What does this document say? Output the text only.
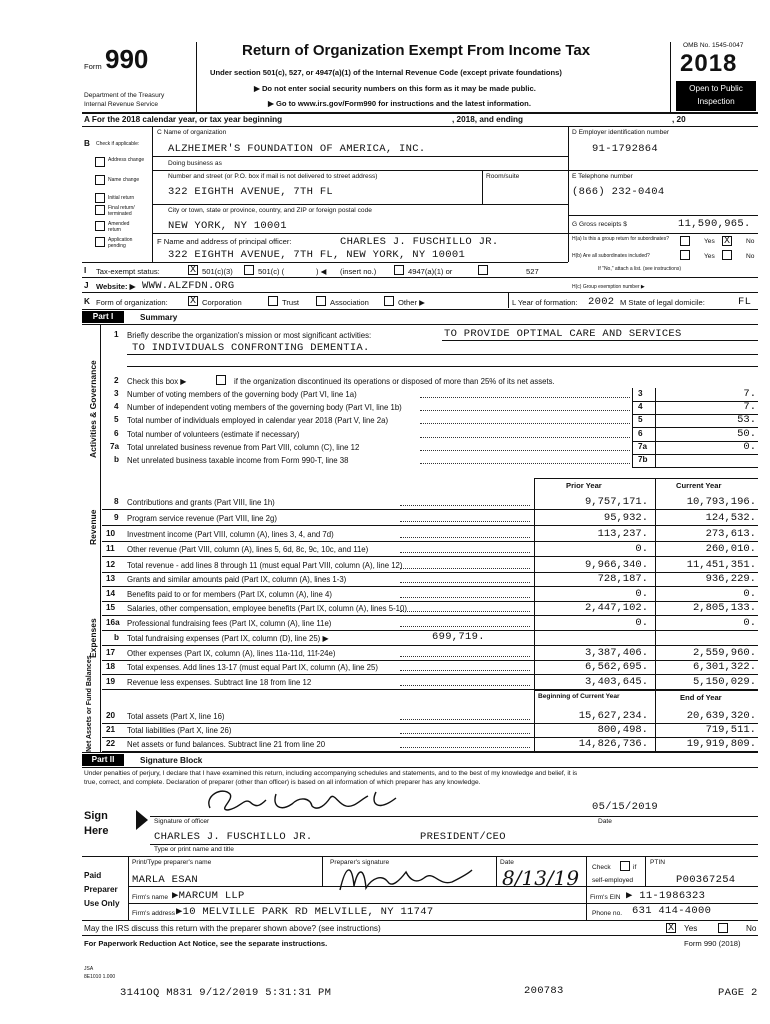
Form 990
Department of the Treasury
Internal Revenue Service
Return of Organization Exempt From Income Tax
Under section 501(c), 527, or 4947(a)(1) of the Internal Revenue Code (except private foundations)
▶ Do not enter social security numbers on this form as it may be made public.
▶ Go to www.irs.gov/Form990 for instructions and the latest information.
OMB No. 1545-0047
2018
Open to Public
Inspection
A For the 2018 calendar year, or tax year beginning	, 2018, and ending	, 20
B Check if applicable:
Address change
Name change
Initial return
Final return/ terminated
Amended return
Application pending
C Name of organization
ALZHEIMER'S FOUNDATION OF AMERICA, INC.
Doing business as
Number and street (or P.O. box if mail is not delivered to street address)	Room/suite
322 EIGHTH AVENUE, 7TH FL
City or town, state or province, country, and ZIP or foreign postal code
NEW YORK, NY 10001
F Name and address of principal officer:	CHARLES J. FUSCHILLO JR.
322 EIGHTH AVENUE, 7TH FL, NEW YORK, NY 10001
D Employer identification number
91-1792864
E Telephone number
(866) 232-0404
G Gross receipts $	11,590,965.
H(a) Is this a group return for subordinates?	Yes X No
H(b) Are all subordinates included?	Yes	No
If "No," attach a list. (see instructions)
I Tax-exempt status:	X 501(c)(3)	501(c) (	) ◀ (insert no.)	4947(a)(1) or	527
J Website: ▶ WWW.ALZFDN.ORG	H(c) Group exemption number ▶
K Form of organization: X Corporation	Trust	Association	Other ▶	L Year of formation: 2002 M State of legal domicile:	FL
Part I	Summary
Activities & Governance
Revenue
Expenses
Net Assets or Fund Balances
1 Briefly describe the organization's mission or most significant activities:	TO PROVIDE OPTIMAL CARE AND SERVICES
TO INDIVIDUALS CONFRONTING DEMENTIA.
2 Check this box ▶	if the organization discontinued its operations or disposed of more than 25% of its net assets.
3 Number of voting members of the governing body (Part VI, line 1a)	3	7.
4 Number of independent voting members of the governing body (Part VI, line 1b)	4	7.
5 Total number of individuals employed in calendar year 2018 (Part V, line 2a)	5	53.
6 Total number of volunteers (estimate if necessary)	6	50.
7a Total unrelated business revenue from Part VIII, column (C), line 12	7a	0.
b Net unrelated business taxable income from Form 990-T, line 38	7b
8 Contributions and grants (Part VIII, line 1h)	9,757,171.	10,793,196.
9 Program service revenue (Part VIII, line 2g)	95,932.	124,532.
10 Investment income (Part VIII, column (A), lines 3, 4, and 7d)	113,237.	273,613.
11 Other revenue (Part VIII, column (A), lines 5, 6d, 8c, 9c, 10c, and 11e)	0.	260,010.
12 Total revenue - add lines 8 through 11 (must equal Part VIII, column (A), line 12)	9,966,340.	11,451,351.
13 Grants and similar amounts paid (Part IX, column (A), lines 1-3)	728,187.	936,229.
14 Benefits paid to or for members (Part IX, column (A), line 4)	0.	0.
15 Salaries, other compensation, employee benefits (Part IX, column (A), lines 5-10)	2,447,102.	2,805,133.
16a Professional fundraising fees (Part IX, column (A), line 11e)	0.	0.
b Total fundraising expenses (Part IX, column (D), line 25) ▶	699,719.
17 Other expenses (Part IX, column (A), lines 11a-11d, 11f-24e)	3,387,406.	2,559,960.
18 Total expenses. Add lines 13-17 (must equal Part IX, column (A), line 25)	6,562,695.	6,301,322.
19 Revenue less expenses. Subtract line 18 from line 12	3,403,645.	5,150,029.
20 Total assets (Part X, line 16)	15,627,234.	20,639,320.
21 Total liabilities (Part X, line 26)	800,498.	719,511.
22 Net assets or fund balances. Subtract line 21 from line 20	14,826,736.	19,919,809.
Prior Year	Current Year
Beginning of Current Year	End of Year
Part II	Signature Block
Under penalties of perjury, I declare that I have examined this return, including accompanying schedules and statements, and to the best of my knowledge and belief, it is
true, correct, and complete. Declaration of preparer (other than officer) is based on all information of which preparer has any knowledge.
Sign
Here
Signature of officer
05/15/2019
Date
CHARLES J. FUSCHILLO JR.	PRESIDENT/CEO
Type or print name and title
Paid
Preparer
Use Only
Print/Type preparer's name
MARLA ESAN
Preparer's signature	Date
8/13/19 Check	if
self-employed
PTIN
P00367254
Firm's name ▶MARCUM LLP	Firm's EIN ▶ 11-1986323
Firm's address ▶10 MELVILLE PARK RD MELVILLE, NY 11747	Phone no. 631 414-4000
May the IRS discuss this return with the preparer shown above? (see instructions)	X Yes	No
For Paperwork Reduction Act Notice, see the separate instructions.	Form 990 (2018)
JSA
8E1010 1.000
3141OQ M831 9/12/2019 5:31:31 PM	200783	PAGE 2
